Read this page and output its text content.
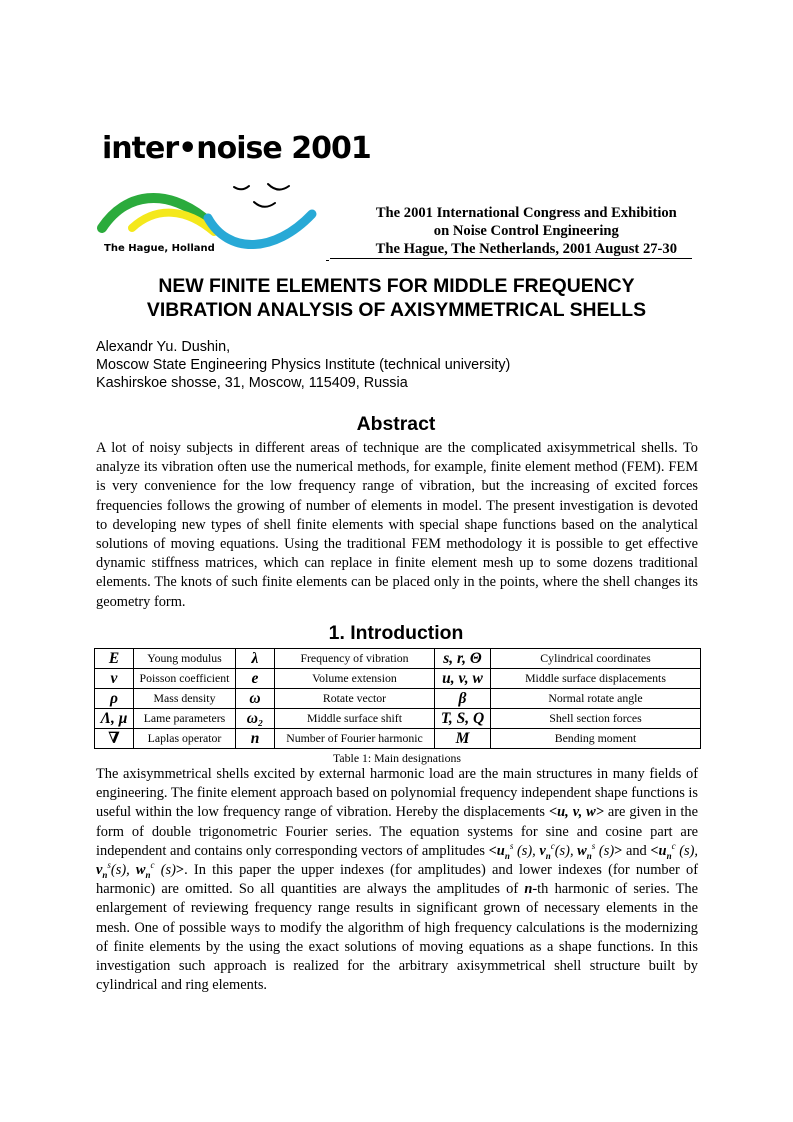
inter•noise 2001
The Hague, Holland
The 2001 International Congress and Exhibition
on Noise Control Engineering
The Hague, The Netherlands, 2001 August 27-30
NEW FINITE ELEMENTS FOR MIDDLE FREQUENCY
VIBRATION ANALYSIS OF AXISYMMETRICAL SHELLS
Alexandr Yu. Dushin,
Moscow State Engineering Physics Institute (technical university)
Kashirskoe shosse, 31, Moscow, 115409, Russia
Abstract

A lot of noisy subjects in different areas of technique are the complicated axisymmetrical shells. To analyze its vibration often use the numerical methods, for example, finite element method (FEM). FEM is very convenience for the low frequency range of vibration, but the increasing of excited forces frequencies follows the growing of number of elements in model. The present investigation is devoted to developing new types of shell finite elements with special shape functions based on the analytical solutions of moving equations. Using the traditional FEM methodology it is possible to get effective dynamic stiffness matrices, which can replace in finite element mesh up to some dozens traditional elements. The knots of such finite elements can be placed only in the points, where the shell changes its geometry form.

1. Introduction
E	Young modulus	λ	Frequency of vibration	s, r, Θ	Cylindrical coordinates
ν	Poisson coefficient	e	Volume extension	u, v, w	Middle surface displacements
ρ	Mass density	ω	Rotate vector	β	Normal rotate angle
Λ, μ	Lame parameters	ω₂	Middle surface shift	T, S, Q	Shell section forces
∇	Laplas operator	n	Number of Fourier harmonic	M	Bending moment
Table 1: Main designations

The axisymmetrical shells excited by external harmonic load are the main structures in many fields of engineering. The finite element approach based on polynomial frequency independent shape functions is useful within the low frequency range of vibration. Hereby the displacements <u, v, w> are given in the form of double trigonometric Fourier series. The equation systems for sine and cosine part are independent and contains only corresponding vectors of amplitudes $<u_n^s$ (s), $v_n^c(s)$, $w_n^s$ (s)> and $<u_n^c$ (s), $v_n^s(s)$, $w_n^c$ (s)>. In this paper the upper indexes (for amplitudes) and lower indexes (for number of harmonic) are omitted. So all quantities are always the amplitudes of n-th harmonic of series. The enlargement of reviewing frequency range results in significant grown of necessary elements in the mesh. One of possible ways to modify the algorithm of high frequency calculations is the modernizing of finite elements by the using the exact solutions of moving equations as a shape functions. In this investigation such approach is realized for the arbitrary axisymmetrical shell structure built by cylindrical and ring elements.
